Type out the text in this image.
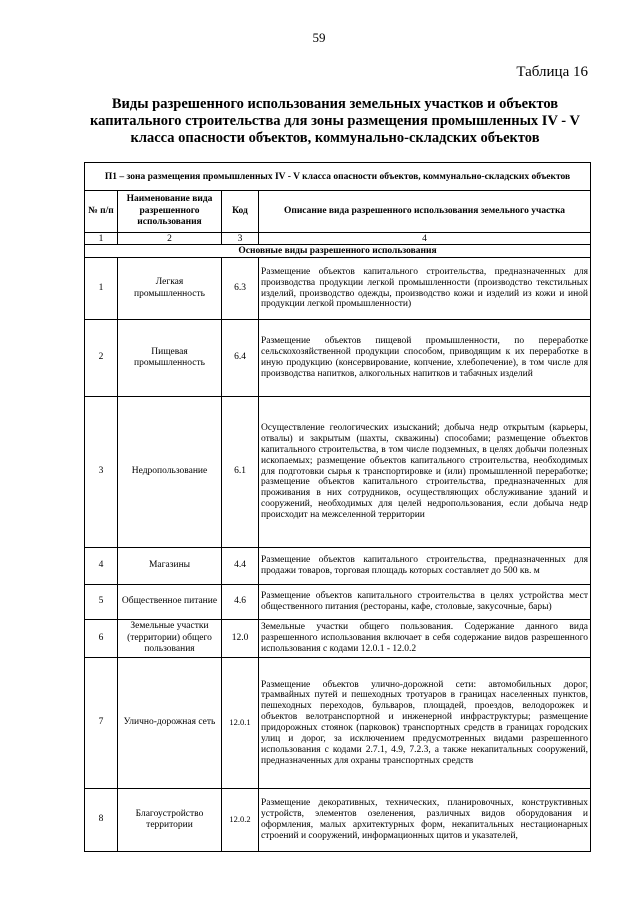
59
Таблица 16
Виды разрешенного использования земельных участков и объектов капитального строительства для зоны размещения промышленных IV - V класса опасности объектов, коммунально-складских объектов
П1 – зона размещения промышленных IV - V класса опасности объектов, коммунально-складских объектов			
№ п/п	Наименование вида разрешенного использования	Код	Описание вида разрешенного использования земельного участка
1	2	3	4
Основные виды разрешенного использования			
1	Легкая промышленность	6.3	Размещение объектов капитального строительства, предназначенных для производства продукции легкой промышленности (производство текстильных изделий, производство одежды, производство кожи и изделий из кожи и иной продукции легкой промышленности)
2	Пищевая промышленность	6.4	Размещение объектов пищевой промышленности, по переработке сельскохозяйственной продукции способом, приводящим к их переработке в иную продукцию (консервирование, копчение, хлебопечение), в том числе для производства напитков, алкогольных напитков и табачных изделий
3	Недропользование	6.1	Осуществление геологических изысканий; добыча недр открытым (карьеры, отвалы) и закрытым (шахты, скважины) способами; размещение объектов капитального строительства, в том числе подземных, в целях добычи полезных ископаемых; размещение объектов капитального строительства, необходимых для подготовки сырья к транспортировке и (или) промышленной переработке; размещение объектов капитального строительства, предназначенных для проживания в них сотрудников, осуществляющих обслуживание зданий и сооружений, необходимых для целей недропользования, если добыча недр происходит на межселенной территории
4	Магазины	4.4	Размещение объектов капитального строительства, предназначенных для продажи товаров, торговая площадь которых составляет до 500 кв. м
5	Общественное питание	4.6	Размещение объектов капитального строительства в целях устройства мест общественного питания (рестораны, кафе, столовые, закусочные, бары)
6	Земельные участки (территории) общего пользования	12.0	Земельные участки общего пользования. Содержание данного вида разрешенного использования включает в себя содержание видов разрешенного использования с кодами 12.0.1 - 12.0.2
7	Улично-дорожная сеть	12.0.1	Размещение объектов улично-дорожной сети: автомобильных дорог, трамвайных путей и пешеходных тротуаров в границах населенных пунктов, пешеходных переходов, бульваров, площадей, проездов, велодорожек и объектов велотранспортной и инженерной инфраструктуры; размещение придорожных стоянок (парковок) транспортных средств в границах городских улиц и дорог, за исключением предусмотренных видами разрешенного использования с кодами 2.7.1, 4.9, 7.2.3, а также некапитальных сооружений, предназначенных для охраны транспортных средств
8	Благоустройство территории	12.0.2	Размещение декоративных, технических, планировочных, конструктивных устройств, элементов озеленения, различных видов оборудования и оформления, малых архитектурных форм, некапитальных нестационарных строений и сооружений, информационных щитов и указателей,
